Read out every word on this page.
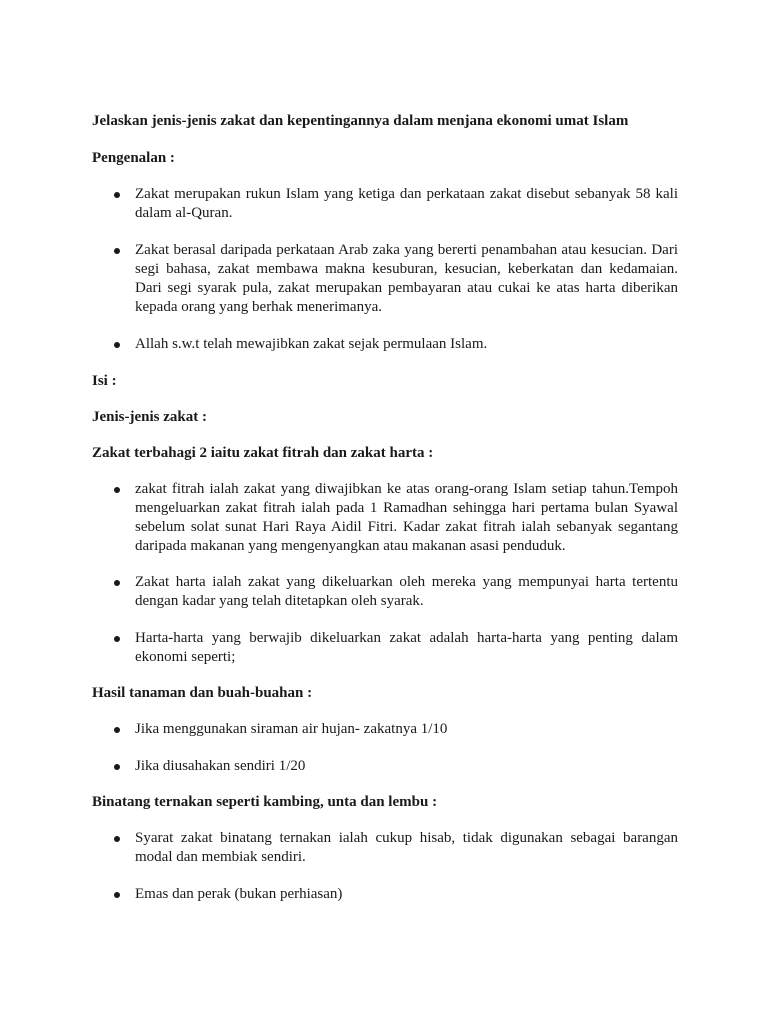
Jelaskan jenis-jenis zakat dan kepentingannya dalam menjana ekonomi umat Islam

Pengenalan :

Zakat merupakan rukun Islam yang ketiga dan perkataan zakat disebut sebanyak 58 kali dalam al-Quran.
Zakat berasal daripada perkataan Arab zaka yang bererti penambahan atau kesucian. Dari segi bahasa, zakat membawa makna kesuburan, kesucian, keberkatan dan kedamaian. Dari segi syarak pula, zakat merupakan pembayaran atau cukai ke atas harta diberikan kepada orang yang berhak menerimanya.
Allah s.w.t telah mewajibkan zakat sejak permulaan Islam.

Isi :

Jenis-jenis zakat :

Zakat terbahagi 2 iaitu zakat fitrah dan zakat harta :

zakat fitrah ialah zakat yang diwajibkan ke atas orang-orang Islam setiap tahun.Tempoh mengeluarkan zakat fitrah ialah pada 1 Ramadhan sehingga hari pertama bulan Syawal sebelum solat sunat Hari Raya Aidil Fitri. Kadar zakat fitrah ialah sebanyak segantang daripada makanan yang mengenyangkan atau makanan asasi penduduk.
Zakat harta ialah zakat yang dikeluarkan oleh mereka yang mempunyai harta tertentu dengan kadar yang telah ditetapkan oleh syarak.
Harta-harta yang berwajib dikeluarkan zakat adalah harta-harta yang penting dalam ekonomi seperti;

Hasil tanaman dan buah-buahan :

Jika menggunakan siraman air hujan- zakatnya 1/10
Jika diusahakan sendiri 1/20

Binatang ternakan seperti kambing, unta dan lembu :

Syarat zakat binatang ternakan ialah cukup hisab, tidak digunakan sebagai barangan modal dan membiak sendiri.
Emas dan perak (bukan perhiasan)
